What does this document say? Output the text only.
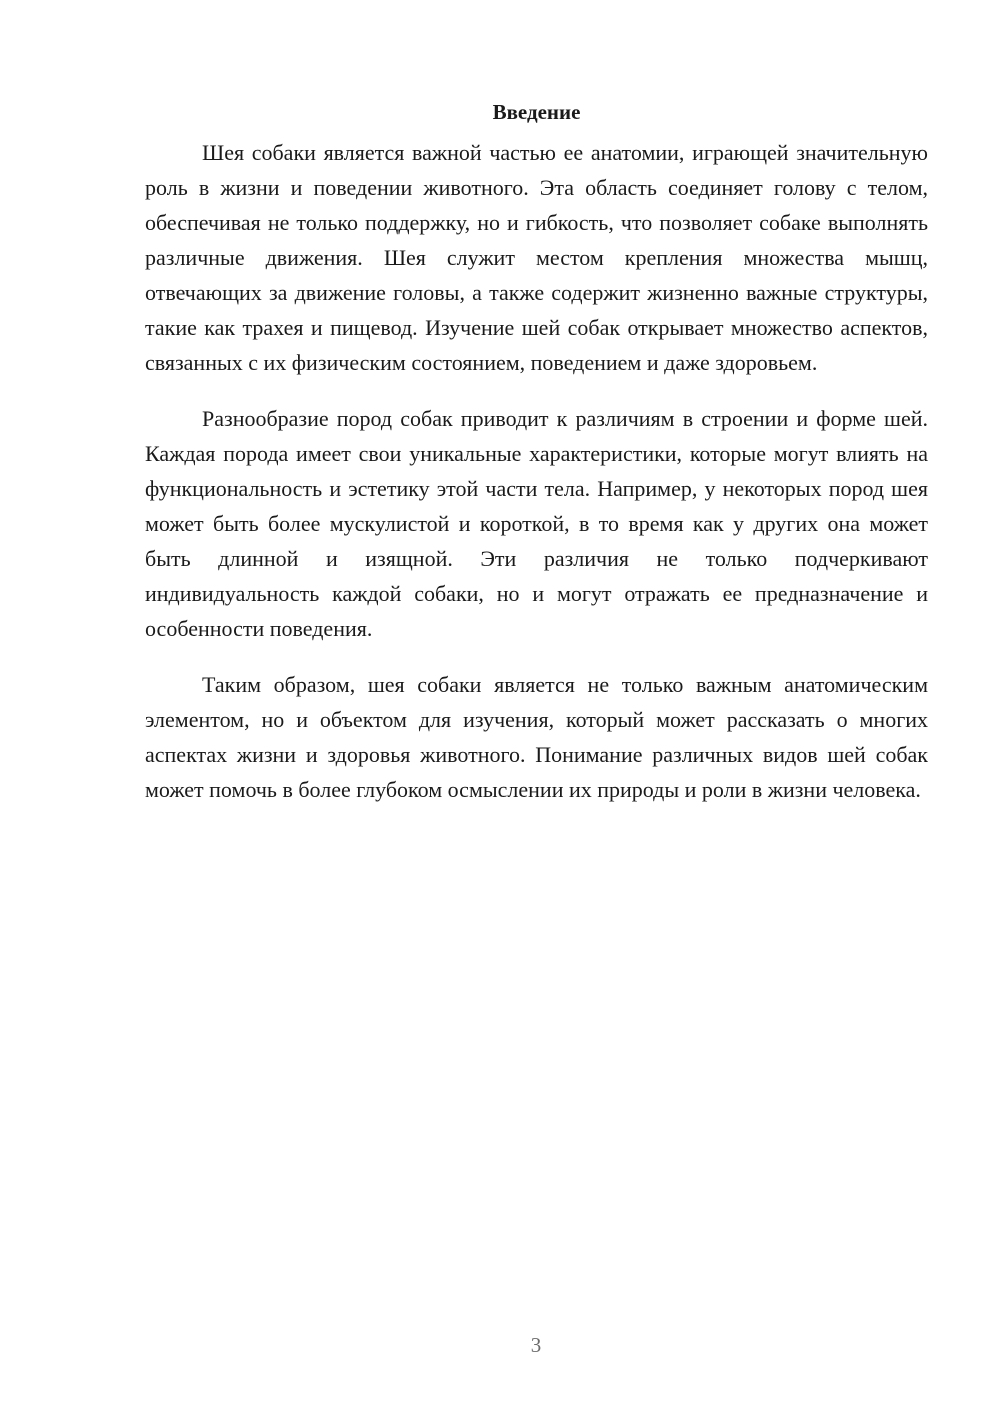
Введение

Шея собаки является важной частью ее анатомии, играющей значительную роль в жизни и поведении животного. Эта область соединяет голову с телом, обеспечивая не только поддержку, но и гибкость, что позволяет собаке выполнять различные движения. Шея служит местом крепления множества мышц, отвечающих за движение головы, а также содержит жизненно важные структуры, такие как трахея и пищевод. Изучение шей собак открывает множество аспектов, связанных с их физическим состоянием, поведением и даже здоровьем.

Разнообразие пород собак приводит к различиям в строении и форме шей. Каждая порода имеет свои уникальные характеристики, которые могут влиять на функциональность и эстетику этой части тела. Например, у некоторых пород шея может быть более мускулистой и короткой, в то время как у других она может быть длинной и изящной. Эти различия не только подчеркивают индивидуальность каждой собаки, но и могут отражать ее предназначение и особенности поведения.

Таким образом, шея собаки является не только важным анатомическим элементом, но и объектом для изучения, который может рассказать о многих аспектах жизни и здоровья животного. Понимание различных видов шей собак может помочь в более глубоком осмыслении их природы и роли в жизни человека.

3
